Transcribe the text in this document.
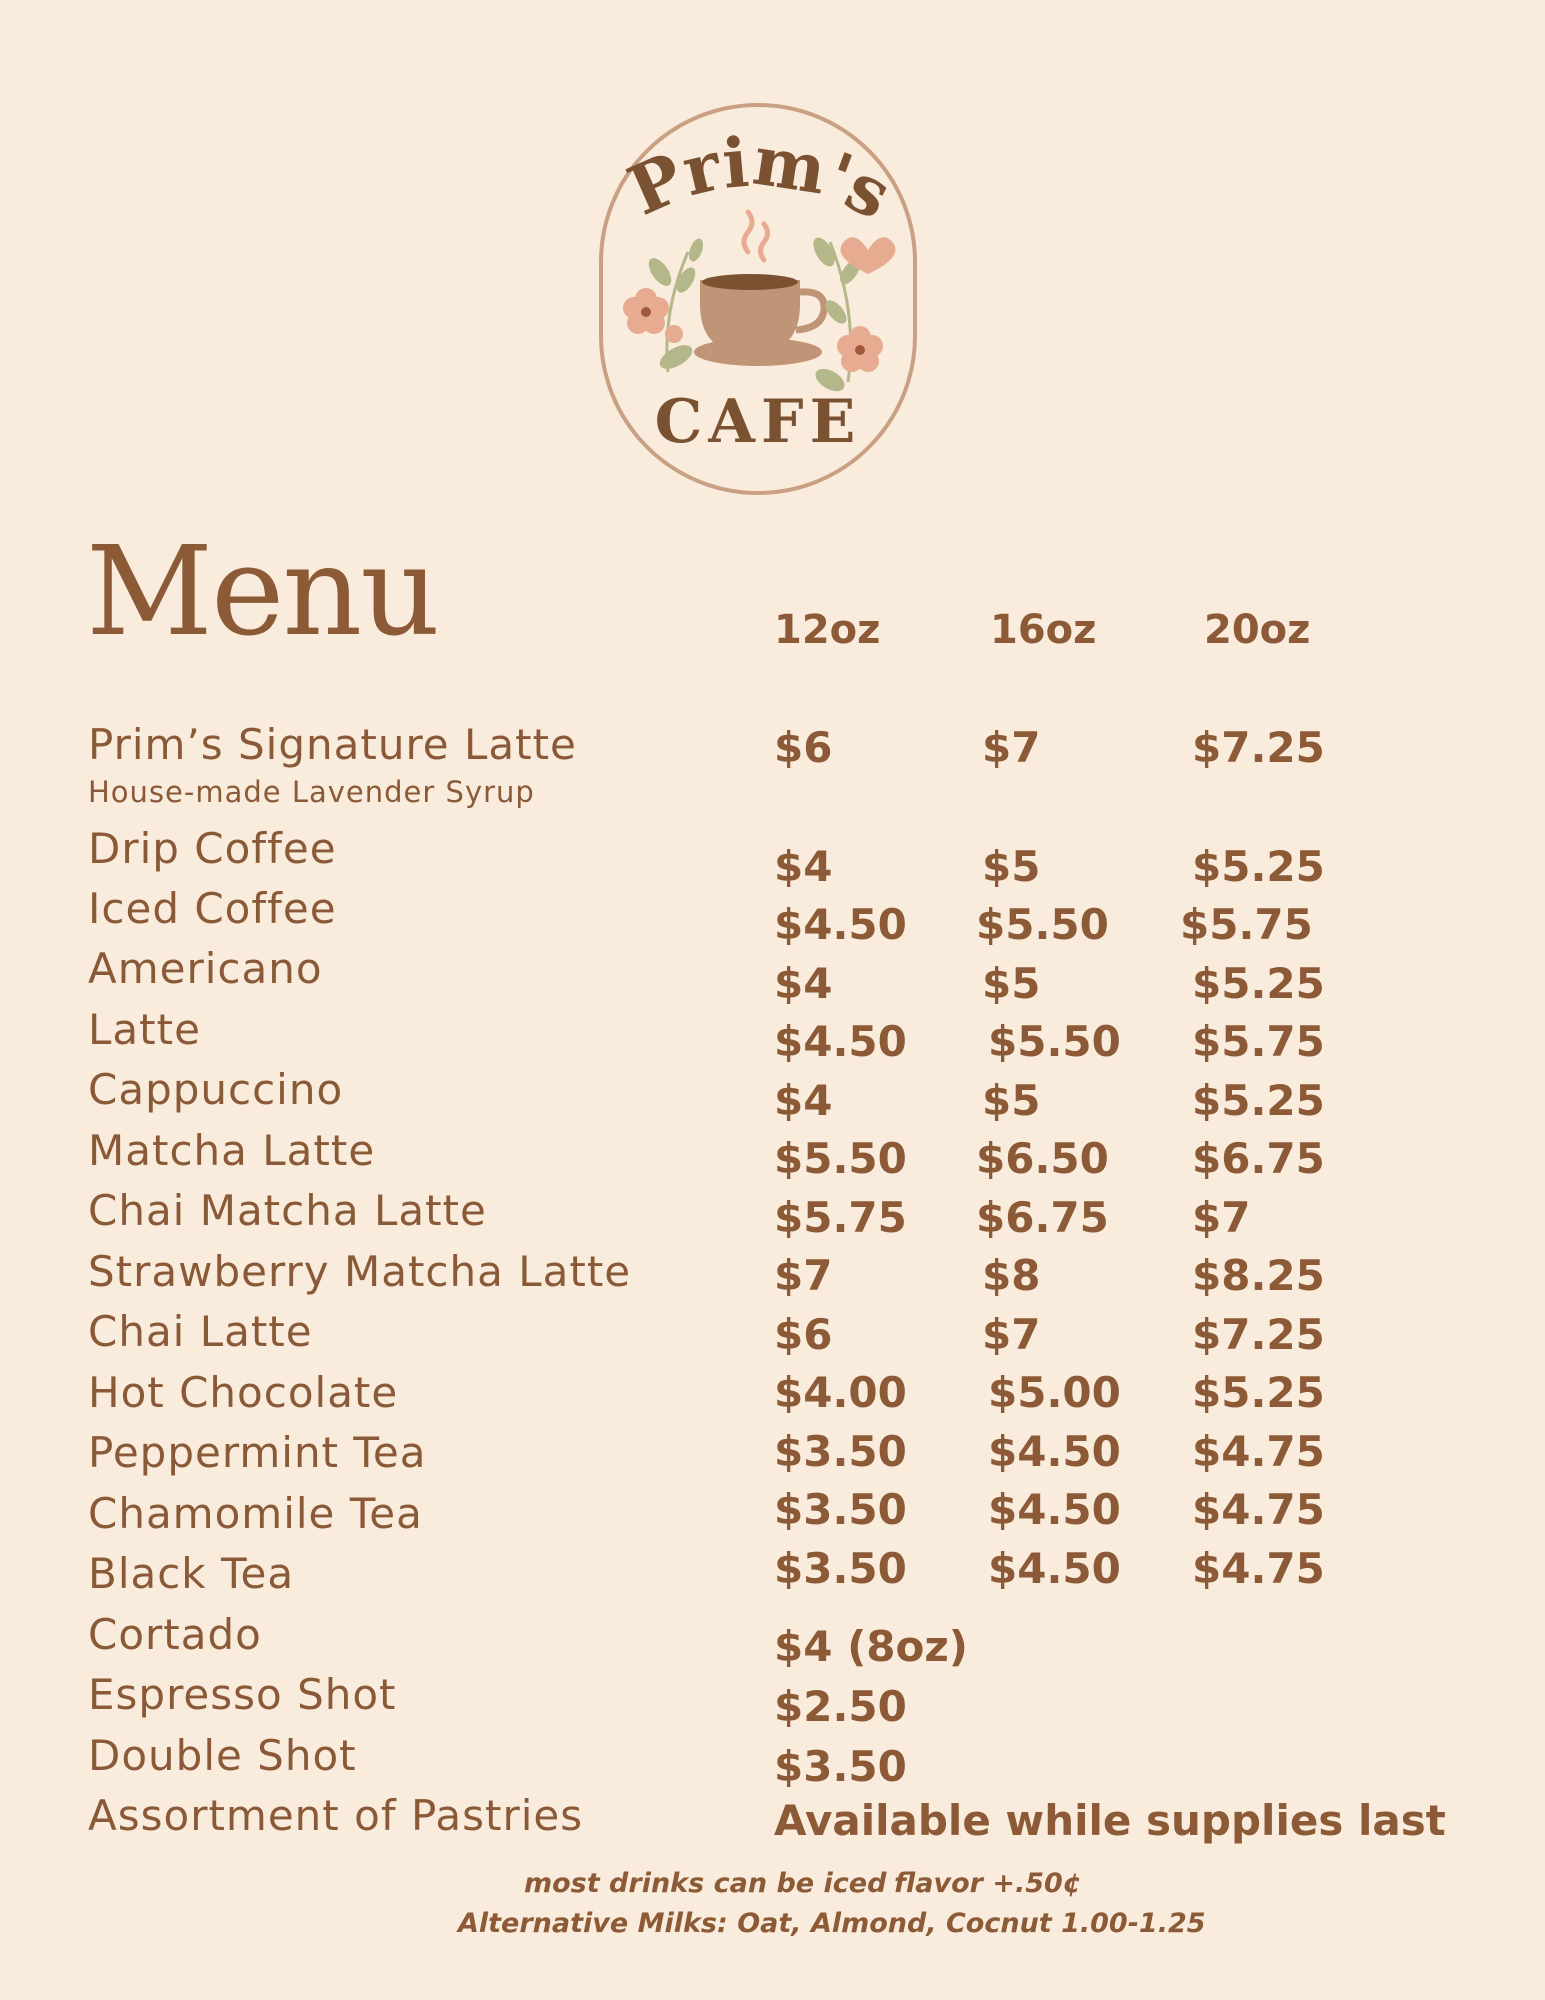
Prim's
CAFE
Menu	12oz	16oz	20oz
House-made Lavender Syrup
Prim’s Signature Latte	$6	$7	$7.25
Drip Coffee	$4	$5	$5.25
Iced Coffee	$4.50 $5.50 $5.75
Americano	$4	$5	$5.25
Latte	$4.50 $5.50 $5.75
Cappuccino	$4	$5	$5.25
Matcha Latte	$5.50 $6.50 $6.75
Chai Matcha Latte	$5.75 $6.75 $7
Strawberry Matcha Latte	$7	$8	$8.25
Chai Latte	$6	$7	$7.25
Hot Chocolate	$4.00 $5.00 $5.25
Peppermint Tea	$3.50 $4.50 $4.75
Chamomile Tea	$3.50 $4.50 $4.75
Black Tea	$3.50 $4.50 $4.75
Cortado	$4 (8oz)
Espresso Shot	$2.50
Double Shot	$3.50
Assortment of Pastries	Available while supplies last
most drinks can be iced flavor +.50¢
Alternative Milks: Oat, Almond, Cocnut 1.00-1.25
